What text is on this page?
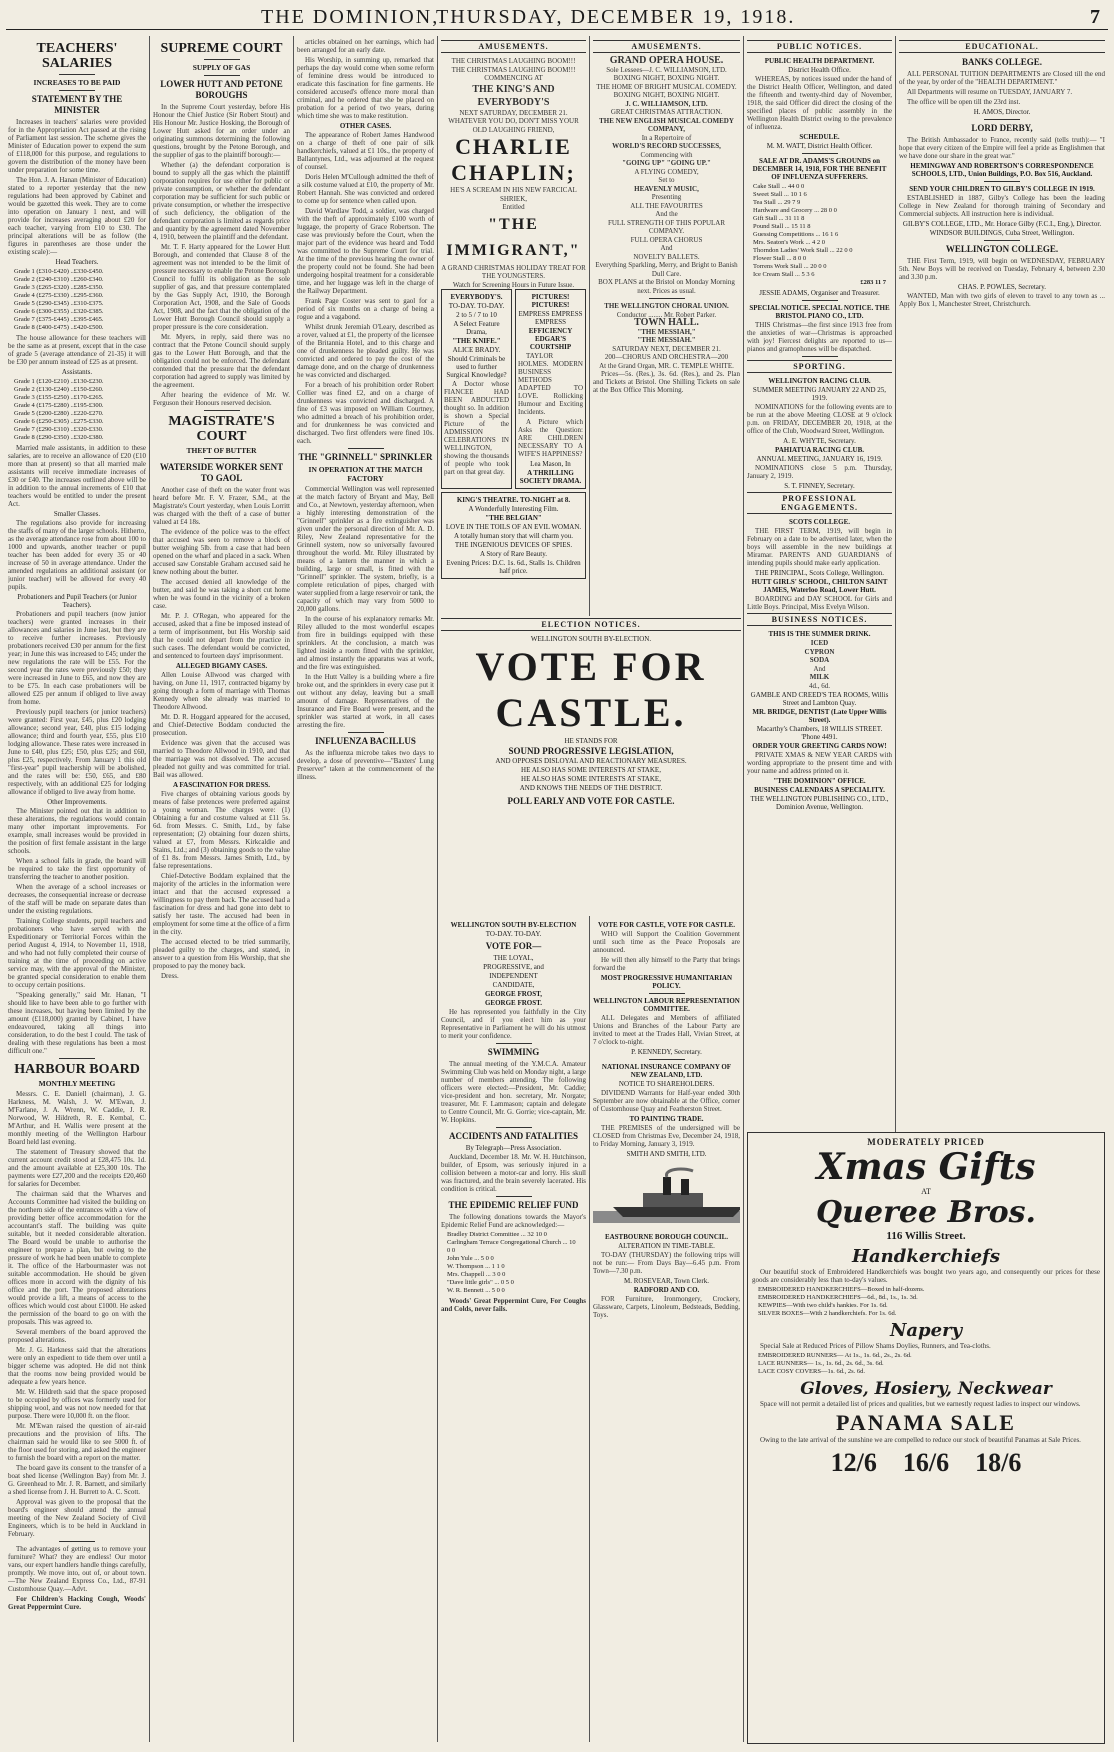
THE DOMINION,
THURSDAY, DECEMBER 19, 1918.	7
TEACHERS' SALARIES
INCREASES TO BE PAID
STATEMENT BY THE MINISTER

Increases in teachers' salaries were provided for in the Appropriation Act passed at the rising of Parliament last session. The scheme gives the Minister of Education power to expend the sum of £118,000 for this purpose, and regulations to govern the distribution of the money have been under preparation for some time.

The Hon. J. A. Hanan (Minister of Education) stated to a reporter yesterday that the new regulations had been approved by Cabinet and would be gazetted this week. They are to come into operation on January 1 next, and will provide for increases averaging about £20 for each teacher, varying from £10 to £30. The principal alterations will be as follow (the figures in parentheses are those under the existing scale):—

Head Teachers.
Grade 1 (£310-£420) ..£330-£450.
Grade 2 (£240-£310) ..£260-£340.
Grade 3 (£265-£320) ..£285-£350.
Grade 4 (£275-£330) ..£295-£360.
Grade 5 (£290-£345) ..£310-£375.
Grade 6 (£300-£355) ..£320-£385.
Grade 7 (£375-£445) ..£395-£465.
Grade 8 (£400-£475) ..£420-£500.

The house allowance for these teachers will be the same as at present, except that in the case of grade 5 (average attendance of 21-35) it will be £30 per annum instead of £25 as at present.

Assistants.
Grade 1 (£120-£210) ..£130-£230.
Grade 2 (£130-£240) ..£150-£260.
Grade 3 (£155-£250) ..£170-£265.
Grade 4 (£175-£280) ..£195-£300.
Grade 5 (£200-£280) ..£220-£270.
Grade 6 (£250-£305) ..£275-£330.
Grade 7 (£290-£310) ..£320-£330.
Grade 8 (£290-£350) ..£320-£380.

Married male assistants, in addition to these salaries, are to receive an allowance of £20 (£10 more than at present) so that all married male assistants will receive immediate increases of £30 or £40. The increases outlined above will be in addition to the annual increments of £10 that teachers would be entitled to under the present Act.

Smaller Classes.

The regulations also provide for increasing the staffs of many of the larger schools. Hitherto, as the average attendance rose from about 100 to 1000 and upwards, another teacher or pupil teacher has been added for every 35 or 40 increase of 50 in average attendance. Under the amended regulations an additional assistant (or junior teacher) will be allowed for every 40 pupils.

Probationers and Pupil Teachers (or Junior Teachers).

Probationers and pupil teachers (now junior teachers) were granted increases in their allowances and salaries in June last, but they are to receive further increases. Previously probationers received £30 per annum for the first year; in June this was increased to £45; under the new regulations the rate will be £55. For the second year the rates were previously £50; they were increased in June to £65, and now they are to be £75. In each case probationers will be allowed £25 per annum if obliged to live away from home.

Previously pupil teachers (or junior teachers) were granted: First year, £45, plus £20 lodging allowance; second year, £40, plus £15 lodging allowance; third and fourth year, £55, plus £10 lodging allowance. These rates were increased in June to £40, plus £25; £50, plus £25; and £60, plus £25, respectively. From January 1 this old "first-year" pupil teachership will be abolished, and the rates will be: £50, £65, and £80 respectively, with an additional £25 for lodging allowance if obliged to live away from home.

Other Improvements.

The Minister pointed out that in addition to these alterations, the regulations would contain many other important improvements. For example, small increases would be provided in the position of first female assistant in the large schools.

When a school falls in grade, the board will be required to take the first opportunity of transferring the teacher to another position.

When the average of a school increases or decreases, the consequential increase or decrease of the staff will be made on separate dates than under the existing regulations.

Training College students, pupil teachers and probationers who have served with the Expeditionary or Territorial Forces within the period August 4, 1914, to November 11, 1918, and who had not fully completed their course of training at the time of proceeding on active service may, with the approval of the Minister, be granted special consideration to enable them to occupy certain positions.

"Speaking generally," said Mr. Hanan, "I should like to have been able to go further with these increases, but having been limited by the amount (£118,000) granted by Cabinet, I have endeavoured, taking all things into consideration, to do the best I could. The task of dealing with these regulations has been a most difficult one."

HARBOUR BOARD
MONTHLY MEETING

Messrs. C. E. Daniell (chairman), J. G. Harkness, M. Walsh, J. W. M'Ewan, J. M'Farlane, J. A. Wrenn, W. Caddie, J. R. Norwood, W. Hildreth, R. E. Kembal, C. M'Arthur, and H. Wallis were present at the monthly meeting of the Wellington Harbour Board held last evening.

The statement of Treasury showed that the current account credit stood at £28,475 10s. 1d. and the amount available at £25,300 10s. The payments were £27,200 and the receipts £20,460 for salaries for December.

The chairman said that the Wharves and Accounts Committee had visited the building on the northern side of the entrances with a view of providing better office accommodation for the accountant's staff. The building was quite suitable, but it needed considerable alteration. The Board would be unable to authorise the engineer to prepare a plan, but owing to the pressure of work he had been unable to complete it. The office of the Harbourmaster was not suitable accommodation. He should be given offices more in accord with the dignity of his office and the port. The proposed alterations would provide a lift, a means of access to the offices which would cost about £1000. He asked the permission of the board to go on with the proposals. This was agreed to.

Several members of the board approved the proposed alterations.

Mr. J. G. Harkness said that the alterations were only an expedient to tide them over until a bigger scheme was adopted. He did not think that the rooms now being provided would be adequate a few years hence.

Mr. W. Hildreth said that the space proposed to be occupied by offices was formerly used for shipping wool, and was not now needed for that purpose. There were 10,000 ft. on the floor.

Mr. M'Ewan raised the question of air-raid precautions and the provision of lifts. The chairman said he would like to see 5000 ft. of the floor used for storing, and asked the engineer to furnish the board with a report on the matter.

The board gave its consent to the transfer of a boat shed license (Wellington Bay) from Mr. J. G. Greenhead to Mr. J. R. Barnett, and similarly a shed license from J. H. Burrett to A. C. Scott.

Approval was given to the proposal that the board's engineer should attend the annual meeting of the New Zealand Society of Civil Engineers, which is to be held in Auckland in February.

The advantages of getting us to remove your furniture? What? they are endless! Our motor vans, our expert handlers handle things carefully, promptly. We move into, out of, or about town.—The New Zealand Express Co., Ltd., 87-91 Customhouse Quay.—Advt.

For Children's Hacking Cough, Woods' Great Peppermint Cure.

SUPREME COURT
SUPPLY OF GAS
LOWER HUTT AND PETONE BOROUGHS

In the Supreme Court yesterday, before His Honour the Chief Justice (Sir Robert Stout) and His Honour Mr. Justice Hosking, the Borough of Lower Hutt asked for an order under an originating summons determining the following questions, brought by the Petone Borough, and the supplier of gas to the plaintiff borough:—

Whether (a) the defendant corporation is bound to supply all the gas which the plaintiff corporation requires for use either for public or private consumption, or whether the defendant corporation may be sufficient for such public or private consumption, or whether the irrespective of such deficiency, the obligation of the defendant corporation is limited as regards price and quantity by the agreement dated November 4, 1910, between the plaintiff and the defendant.

Mr. T. F. Harty appeared for the Lower Hutt Borough, and contended that Clause 8 of the agreement was not intended to be the limit of pressure necessary to enable the Petone Borough Council to fulfil its obligation as the sole supplier of gas, and that pressure contemplated by the Gas Supply Act, 1910, the Borough Corporation Act, 1908, and the Sale of Goods Act, 1908, and the fact that the obligation of the Lower Hutt Borough Council should supply a proper pressure is the core consideration.

Mr. Myers, in reply, said there was no contract that the Petone Council should supply gas to the Lower Hutt Borough, and that the obligation could not be enforced. The defendant contended that the pressure that the defendant corporation had agreed to supply was limited by the agreement.

After hearing the evidence of Mr. W. Ferguson their Honours reserved decision.

MAGISTRATE'S COURT
THEFT OF BUTTER
WATERSIDE WORKER SENT TO GAOL

Another case of theft on the water front was heard before Mr. F. V. Frazer, S.M., at the Magistrate's Court yesterday, when Louis Lorritt was charged with the theft of a case of butter valued at £4 18s.

The evidence of the police was to the effect that accused was seen to remove a block of butter weighing 5lb. from a case that had been opened on the wharf and placed in a sack. When accused saw Constable Graham accused said he knew nothing about the butter.

The accused denied all knowledge of the butter, and said he was taking a short cut home when he was found in the vicinity of a broken case.

Mr. P. J. O'Regan, who appeared for the accused, asked that a fine be imposed instead of a term of imprisonment, but His Worship said that he could not depart from the practice in such cases. The defendant would be convicted, and sentenced to fourteen days' imprisonment.

ALLEGED BIGAMY CASES.

Allen Louise Allwood was charged with having, on June 11, 1917, contracted bigamy by going through a form of marriage with Thomas Kennedy when she already was married to Theodore Allwood.

Mr. D. R. Hoggard appeared for the accused, and Chief-Detective Boddam conducted the prosecution.

Evidence was given that the accused was married to Theodore Allwood in 1910, and that the marriage was not dissolved. The accused pleaded not guilty and was committed for trial. Bail was allowed.

A FASCINATION FOR DRESS.

Five charges of obtaining various goods by means of false pretences were preferred against a young woman. The charges were: (1) Obtaining a fur and costume valued at £11 5s. 6d. from Messrs. C. Smith, Ltd., by false representation; (2) obtaining four dozen shirts, valued at £7, from Messrs. Kirkcaldie and Stains, Ltd.; and (3) obtaining goods to the value of £1 8s. from Messrs. James Smith, Ltd., by false representations.

Chief-Detective Boddam explained that the majority of the articles in the information were intact and that the accused expressed a willingness to pay them back. The accused had a fascination for dress and had gone into debt to satisfy her taste. The accused had been in employment for some time at the office of a firm in the city.

The accused elected to be tried summarily, pleaded guilty to the charges, and stated, in answer to a question from His Worship, that she proposed to pay the money back.

Dress.

articles obtained on her earnings, which had been arranged for an early date.

His Worship, in summing up, remarked that perhaps the day would come when some reform of feminine dress would be introduced to eradicate this fascination for fine garments. He considered accused's offence more moral than criminal, and he ordered that she be placed on probation for a period of two years, during which time she was to make restitution.

OTHER CASES.

The appearance of Robert James Handwood on a charge of theft of one pair of silk handkerchiefs, valued at £1 10s., the property of Ballantynes, Ltd., was adjourned at the request of counsel.

Doris Helen M'Cullough admitted the theft of a silk costume valued at £10, the property of Mr. Robert Hannah. She was convicted and ordered to come up for sentence when called upon.

David Wardlaw Todd, a soldier, was charged with the theft of approximately £100 worth of luggage, the property of Grace Robertson. The case was previously before the Court, when the major part of the evidence was heard and Todd was committed to the Supreme Court for trial. At the time of the previous hearing the owner of the property could not be found. She had been undergoing hospital treatment for a considerable time, and her luggage was left in the charge of the Railway Department.

Frank Page Coster was sent to gaol for a period of six months on a charge of being a rogue and a vagabond.

Whilst drunk Jeremiah O'Leary, described as a rover, valued at £1, the property of the licensee of the Britannia Hotel, and to this charge and one of drunkenness he pleaded guilty. He was convicted and ordered to pay the cost of the damage done, and on the charge of drunkenness he was convicted and discharged.

For a breach of his prohibition order Robert Collier was fined £2, and on a charge of drunkenness was convicted and discharged. A fine of £3 was imposed on William Courtney, who admitted a breach of his prohibition order, and for drunkenness he was convicted and discharged. Two first offenders were fined 10s. each.

THE "GRINNELL" SPRINKLER
IN OPERATION AT THE MATCH FACTORY

Commercial Wellington was well represented at the match factory of Bryant and May, Bell and Co., at Newtown, yesterday afternoon, when a highly interesting demonstration of the "Grinnell" sprinkler as a fire extinguisher was given under the personal direction of Mr. A. D. Riley, New Zealand representative for the Grinnell system, now so universally favoured throughout the world. Mr. Riley illustrated by means of a lantern the manner in which a building, large or small, is fitted with the "Grinnell" sprinkler. The system, briefly, is a complete reticulation of pipes, charged with water supplied from a large reservoir or tank, the capacity of which may vary from 5000 to 20,000 gallons.

In the course of his explanatory remarks Mr. Riley alluded to the most wonderful escapes from fire in buildings equipped with these sprinklers. At the conclusion, a match was lighted inside a room fitted with the sprinkler, and almost instantly the apparatus was at work, and the fire was extinguished.

In the Hutt Valley is a building where a fire broke out, and the sprinklers in every case put it out without any delay, leaving but a small amount of damage. Representatives of the Insurance and Fire Board were present, and the sprinkler was started at work, in all cases arresting the fire.

INFLUENZA BACILLUS

As the influenza microbe takes two days to develop, a dose of preventive—"Baxters' Lung Preserver" taken at the commencement of the illness.

AMUSEMENTS.
THE CHRISTMAS LAUGHING BOOM!!!
THE CHRISTMAS LAUGHING BOOM!!!
COMMENCING AT
THE KING'S AND EVERYBODY'S
NEXT SATURDAY, DECEMBER 21.
WHATEVER YOU DO, DON'T MISS YOUR OLD LAUGHING FRIEND,
CHARLIE CHAPLIN;
HE'S A SCREAM IN HIS NEW FARCICAL SHRIEK,
Entitled
"THE IMMIGRANT,"
A GRAND CHRISTMAS HOLIDAY TREAT FOR THE YOUNGSTERS.
Watch for Screening Hours in Future Issue.
EVERYBODY'S.
TO-DAY. TO-DAY.
2 to 5 / 7 to 10
A Select Feature Drama,
"THE KNIFE."
ALICE BRADY.
Should Criminals be used to further Surgical Knowledge?

A Doctor whose FIANCEE HAD BEEN ABDUCTED thought so. In addition is shown a Special Picture of the ADMISSION CELEBRATIONS IN WELLINGTON, showing the thousands of people who took part on that great day.

PICTURES! PICTURES!
EMPRESS EMPRESS EMPRESS
EFFICIENCY EDGAR'S COURTSHIP

TAYLOR HOLMES. MODERN BUSINESS METHODS ADAPTED TO LOVE. Rollicking Humour and Exciting Incidents.

A Picture which Asks the Question: ARE CHILDREN NECESSARY TO A WIFE'S HAPPINESS?

Lea Mason, In
A THRILLING SOCIETY DRAMA.
KING'S THEATRE. TO-NIGHT at 8.
A Wonderfully Interesting Film.
"THE BELGIAN"
LOVE IN THE TOILS OF AN EVIL WOMAN.
A totally human story that will charm you.
THE INGENIOUS DEVICES OF SPIES.
A Story of Rare Beauty.
Evening Prices: D.C. 1s. 6d., Stalls 1s. Children half price.
ELECTION NOTICES.
WELLINGTON SOUTH BY-ELECTION.
VOTE FOR CASTLE.
HE STANDS FOR
SOUND PROGRESSIVE LEGISLATION,
AND OPPOSES DISLOYAL AND REACTIONARY MEASURES.
HE ALSO HAS SOME INTERESTS AT STAKE,
HE ALSO HAS SOME INTERESTS AT STAKE,
AND KNOWS THE NEEDS OF THE DISTRICT.
POLL EARLY AND VOTE FOR CASTLE.
WELLINGTON SOUTH BY-ELECTION
TO-DAY. TO-DAY.
VOTE FOR—
THE LOYAL,
PROGRESSIVE, and
INDEPENDENT
CANDIDATE,
GEORGE FROST,
GEORGE FROST.

He has represented you faithfully in the City Council, and if you elect him as your Representative in Parliament he will do his utmost to merit your confidence.

SWIMMING

The annual meeting of the Y.M.C.A. Amateur Swimming Club was held on Monday night, a large number of members attending. The following officers were elected:—President, Mr. Caddie; vice-president and hon. secretary, Mr. Norgate; treasurer, Mr. F. Lammason; captain and delegate to Centre Council, Mr. G. Gorrie; vice-captain, Mr. W. Hopkins.

ACCIDENTS AND FATALITIES
By Telegraph—Press Association.

Auckland, December 18. Mr. W. H. Hutchinson, builder, of Epsom, was seriously injured in a collision between a motor-car and lorry. His skull was fractured, and the brain severely lacerated. His condition is critical.

THE EPIDEMIC RELIEF FUND

The following donations towards the Mayor's Epidemic Relief Fund are acknowledged:—

Bradley District Committee ... 32 10 0
Carlingham Terrace Congregational Church ... 10 0 0
John Yule ... 5 0 0
W. Thompson ... 1 1 0
Mrs. Chappell ... 3 0 0
"Dave little girls" ... 0 5 0
W. R. Bennett ... 5 0 0

Woods' Great Peppermint Cure, For Coughs and Colds, never fails.

AMUSEMENTS.
GRAND OPERA HOUSE.
Sole Lessees—J. C. WILLIAMSON, LTD.
BOXING NIGHT, BOXING NIGHT.
THE HOME OF BRIGHT MUSICAL COMEDY.
BOXING NIGHT, BOXING NIGHT.
J. C. WILLIAMSON, LTD.
GREAT CHRISTMAS ATTRACTION.
THE NEW ENGLISH MUSICAL COMEDY COMPANY,
In a Repertoire of
WORLD'S RECORD SUCCESSES,
Commencing with
"GOING UP" "GOING UP."
A FLYING COMEDY,
Set to
HEAVENLY MUSIC,
Presenting
ALL THE FAVOURITES
And the
FULL STRENGTH OF THIS POPULAR COMPANY.
FULL OPERA CHORUS
And
NOVELTY BALLETS.
Everything Sparkling, Merry, and Bright to Banish Dull Care.
BOX PLANS at the Bristol on Monday Morning next. Prices as usual.
THE WELLINGTON CHORAL UNION.
Conductor ........ Mr. Robert Parker.
TOWN HALL.
"THE MESSIAH,"
"THE MESSIAH."
SATURDAY NEXT, DECEMBER 21.
200—CHORUS AND ORCHESTRA—200
At the Grand Organ, MR. C. TEMPLE WHITE.

Prices—5s. (Res.), 3s. 6d. (Res.), and 2s. Plan and Tickets at Bristol. One Shilling Tickets on sale at the Box Office This Morning.

VOTE FOR CASTLE, VOTE FOR CASTLE.

WHO will Support the Coalition Government until such time as the Peace Proposals are announced.

He will then ally himself to the Party that brings forward the

MOST PROGRESSIVE HUMANITARIAN POLICY.
WELLINGTON LABOUR REPRESENTATION COMMITTEE.

ALL Delegates and Members of affiliated Unions and Branches of the Labour Party are invited to meet at the Trades Hall, Vivian Street, at 7 o'clock to-night.

P. KENNEDY, Secretary.
NATIONAL INSURANCE COMPANY OF NEW ZEALAND, LTD.
NOTICE TO SHAREHOLDERS.

DIVIDEND Warrants for Half-year ended 30th September are now obtainable at the Office, corner of Customhouse Quay and Featherston Street.

TO PAINTING TRADE.

THE PREMISES of the undersigned will be CLOSED from Christmas Eve, December 24, 1918, to Friday Morning, January 3, 1919.

SMITH AND SMITH, LTD.
EASTBOURNE BOROUGH COUNCIL.
ALTERATION IN TIME-TABLE.

TO-DAY (THURSDAY) the following trips will not be run:— From Days Bay—6.45 p.m. From Town—7.30 p.m.

M. ROSEVEAR, Town Clerk.
RADFORD AND CO.

FOR Furniture, Ironmongery, Crockery, Glassware, Carpets, Linoleum, Bedsteads, Bedding, Toys.

PUBLIC NOTICES.
PUBLIC HEALTH DEPARTMENT.
District Health Office.

WHEREAS, by notices issued under the hand of the District Health Officer, Wellington, and dated the fifteenth and twenty-third day of November, 1918, the said Officer did direct the closing of the specified places of public assembly in the Wellington Health District owing to the prevalence of influenza.

SCHEDULE.
M. M. WATT, District Health Officer.
SALE AT DR. ADAMS'S GROUNDS on DECEMBER 14, 1918, FOR THE BENEFIT OF INFLUENZA SUFFERERS.
Cake Stall ... 44 0 0
Sweet Stall ... 10 1 6
Tea Stall ... 29 7 9
Hardware and Grocery ... 28 0 0
Gift Stall ... 31 11 8
Pound Stall ... 15 11 8
Guessing Competitions ... 16 1 6
Mrs. Seaton's Work ... 4 2 0
Thorndon Ladies' Work Stall ... 22 0 0
Flower Stall ... 8 0 0
Torrens Work Stall ... 20 0 0
Ice Cream Stall ... 5 3 6
£283 11 7
JESSIE ADAMS, Organiser and Treasurer.
SPECIAL NOTICE. SPECIAL NOTICE. THE BRISTOL PIANO CO., LTD.

THIS Christmas—the first since 1913 free from the anxieties of war—Christmas is approached with joy! Fiercest delights are reported to us—pianos and gramophones will be dispatched.

SPORTING.
WELLINGTON RACING CLUB.
SUMMER MEETING JANUARY 22 AND 25, 1919.

NOMINATIONS for the following events are to be run at the above Meeting CLOSE at 9 o'clock p.m. on FRIDAY, DECEMBER 20, 1918, at the office of the Club, Woodward Street, Wellington.

A. E. WHYTE, Secretary.
PAHIATUA RACING CLUB.
ANNUAL MEETING, JANUARY 16, 1919.

NOMINATIONS close 5 p.m. Thursday, January 2, 1919.

S. T. FINNEY, Secretary.
PROFESSIONAL ENGAGEMENTS.
SCOTS COLLEGE.

THE FIRST TERM, 1919, will begin in February on a date to be advertised later, when the boys will assemble in the new buildings at Miramar. PARENTS AND GUARDIANS of intending pupils should make early application.

THE PRINCIPAL, Scots College, Wellington.
HUTT GIRLS' SCHOOL, CHILTON SAINT JAMES, Waterloo Road, Lower Hutt.

BOARDING and DAY SCHOOL for Girls and Little Boys. Principal, Miss Evelyn Wilson.

BUSINESS NOTICES.
THIS IS THE SUMMER DRINK.
ICED
CYPRON
SODA
And
MILK
4d., 6d.
GAMBLE AND CREED'S TEA ROOMS, Willis Street and Lambton Quay.
MR. BRIDGE, DENTIST (Late Upper Willis Street).
Macarthy's Chambers, 18 WILLIS STREET. 'Phone 4491.
ORDER YOUR GREETING CARDS NOW!

PRIVATE XMAS & NEW YEAR CARDS with wording appropriate to the present time and with your name and address printed on it.

"THE DOMINION" OFFICE.
BUSINESS CALENDARS A SPECIALITY.
THE WELLINGTON PUBLISHING CO., LTD., Dominion Avenue, Wellington.
MODERATELY PRICED
Xmas Gifts
AT
Queree Bros.
116 Willis Street.
Handkerchiefs

Our beautiful stock of Embroidered Handkerchiefs was bought two years ago, and consequently our prices for these goods are considerably less than to-day's values.

EMBROIDERED HANDKERCHIEFS—Boxed in half-dozens.
EMBROIDERED HANDKERCHIEFS—6d., 8d., 1s., 1s. 3d.
KEWPIES—With two child's hankies. For 1s. 6d.
SILVER BOXES—With 2 handkerchiefs. For 1s. 6d.
Napery

Special Sale at Reduced Prices of Pillow Shams Doylies, Runners, and Tea-cloths.

EMBROIDERED RUNNERS— At 1s., 1s. 6d., 2s., 2s. 6d.
LACE RUNNERS— 1s., 1s. 6d., 2s. 6d., 3s. 6d.
LACE COSY COVERS—1s. 6d., 2s. 6d.
Gloves, Hosiery, Neckwear

Space will not permit a detailed list of prices and qualities, but we earnestly request ladies to inspect our windows.

PANAMA SALE

Owing to the late arrival of the sunshine we are compelled to reduce our stock of beautiful Panamas at Sale Prices.

12/6 16/6 18/6
EDUCATIONAL.
BANKS COLLEGE.

ALL PERSONAL TUITION DEPARTMENTS are Closed till the end of the year, by order of the "HEALTH DEPARTMENT."

All Departments will resume on TUESDAY, JANUARY 7.

The office will be open till the 23rd inst.

H. AMOS, Director.
LORD DERBY,

The British Ambassador to France, recently said (tells truth):— "I hope that every citizen of the Empire will feel a pride as Englishmen that we have done our share in the great war."

HEMINGWAY AND ROBERTSON'S CORRESPONDENCE SCHOOLS, LTD., Union Buildings, P.O. Box 516, Auckland.
SEND YOUR CHILDREN TO GILBY'S COLLEGE IN 1919.

ESTABLISHED in 1887, Gilby's College has been the leading College in New Zealand for thorough training of Secondary and Commercial subjects. All instruction here is individual.

GILBY'S COLLEGE, LTD., Mr. Horace Gilby (F.C.I., Eng.), Director.
WINDSOR BUILDINGS, Cuba Street, Wellington.
WELLINGTON COLLEGE.

THE First Term, 1919, will begin on WEDNESDAY, FEBRUARY 5th. New Boys will be received on Tuesday, February 4, between 2.30 and 3.30 p.m.

CHAS. P. POWLES, Secretary.

WANTED, Man with two girls of eleven to travel to any town as ... Apply Box 1, Manchester Street, Christchurch.
